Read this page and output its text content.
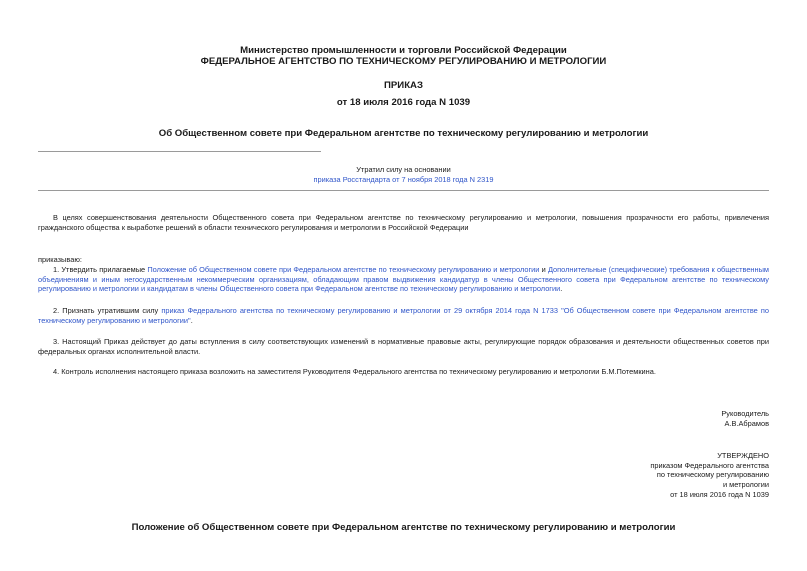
Министерство промышленности и торговли Российской Федерации
ФЕДЕРАЛЬНОЕ АГЕНТСТВО ПО ТЕХНИЧЕСКОМУ РЕГУЛИРОВАНИЮ И МЕТРОЛОГИИ
ПРИКАЗ
от 18 июля 2016 года N 1039
Об Общественном совете при Федеральном агентстве по техническому регулированию и метрологии
Утратил силу на основании
приказа Росстандарта от 7 ноября 2018 года N 2319
В целях совершенствования деятельности Общественного совета при Федеральном агентстве по техническому регулированию и метрологии, повышения прозрачности его работы, привлечения гражданского общества к выработке решений в области технического регулирования и метрологии в Российской Федерации
приказываю:
1. Утвердить прилагаемые Положение об Общественном совете при Федеральном агентстве по техническому регулированию и метрологии и Дополнительные (специфические) требования к общественным объединениям и иным негосударственным некоммерческим организациям, обладающим правом выдвижения кандидатур в члены Общественного совета при Федеральном агентстве по техническому регулированию и метрологии и кандидатам в члены Общественного совета при Федеральном агентстве по техническому регулированию и метрологии.
2. Признать утратившим силу приказ Федерального агентства по техническому регулированию и метрологии от 29 октября 2014 года N 1733 "Об Общественном совете при Федеральном агентстве по техническому регулированию и метрологии".
3. Настоящий Приказ действует до даты вступления в силу соответствующих изменений в нормативные правовые акты, регулирующие порядок образования и деятельности общественных советов при федеральных органах исполнительной власти.
4. Контроль исполнения настоящего приказа возложить на заместителя Руководителя Федерального агентства по техническому регулированию и метрологии Б.М.Потемкина.
Руководитель
А.В.Абрамов
УТВЕРЖДЕНО
приказом Федерального агентства
по техническому регулированию
и метрологии
от 18 июля 2016 года N 1039
Положение об Общественном совете при Федеральном агентстве по техническому регулированию и метрологии
